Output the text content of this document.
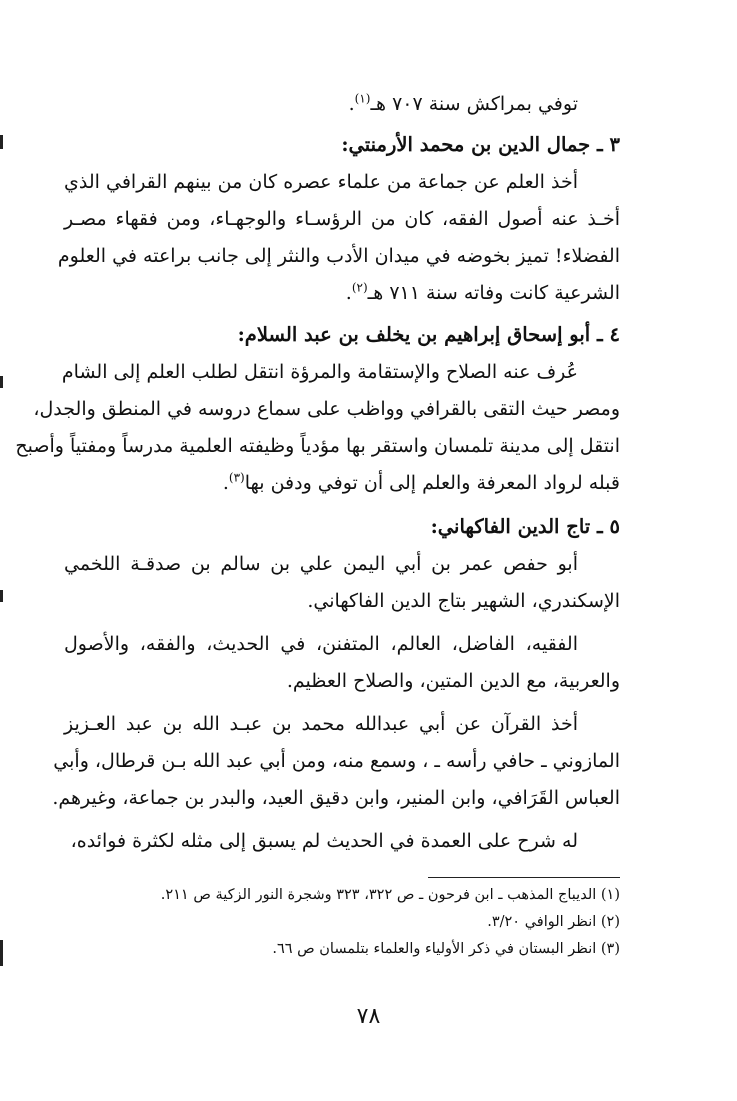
توفي بمراكش سنة ٧٠٧ هـ$^{(١)}$.
٣ ـ جمال الدين بن محمد الأرمنتي:
أخذ العلم عن جماعة من علماء عصره كان من بينهم القرافي الذي
أخـذ عنه أصول الفقه، كان من الرؤسـاء والوجهـاء، ومن فقهاء مصـر
الفضلاء! تميز بخوضه في ميدان الأدب والنثر إلى جانب براعته في العلوم
الشرعية كانت وفاته سنة ٧١١ هـ$^{(٢)}$.
٤ ـ أبو إسحاق إبراهيم بن يخلف بن عبد السلام:
عُرف عنه الصلاح والإستقامة والمرؤة انتقل لطلب العلم إلى الشام
ومصر حيث التقى بالقرافي وواظب على سماع دروسه في المنطق والجدل،
انتقل إلى مدينة تلمسان واستقر بها مؤدياً وظيفته العلمية مدرساً ومفتياً وأصبح
قبله لرواد المعرفة والعلم إلى أن توفي ودفن بها$^{(٣)}$.
٥ ـ تاج الدين الفاكهاني:
أبو حفص عمر بن أبي اليمن علي بن سالم بن صدقـة اللخمي
الإسكندري، الشهير بتاج الدين الفاكهاني.
الفقيه، الفاضل، العالم، المتفنن، في الحديث، والفقه، والأصول
والعربية، مع الدين المتين، والصلاح العظيم.
أخذ القرآن عن أبي عبدالله محمد بن عبـد الله بن عبد العـزيز
المازوني ـ حافي رأسه ـ ، وسمع منه، ومن أبي عبد الله بـن قرطال، وأبي
العباس القَرَافي، وابن المنير، وابن دقيق العيد، والبدر بن جماعة، وغيرهم.
له شرح على العمدة في الحديث لم يسبق إلى مثله لكثرة فوائده،
(١) الديباج المذهب ـ ابن فرحون ـ ص ٣٢٢، ٣٢٣ وشجرة النور الزكية ص ٢١١.
(٢) انظر الوافي ٣/٢٠.
(٣) انظر البستان في ذكر الأولياء والعلماء بتلمسان ص ٦٦.
٧٨
